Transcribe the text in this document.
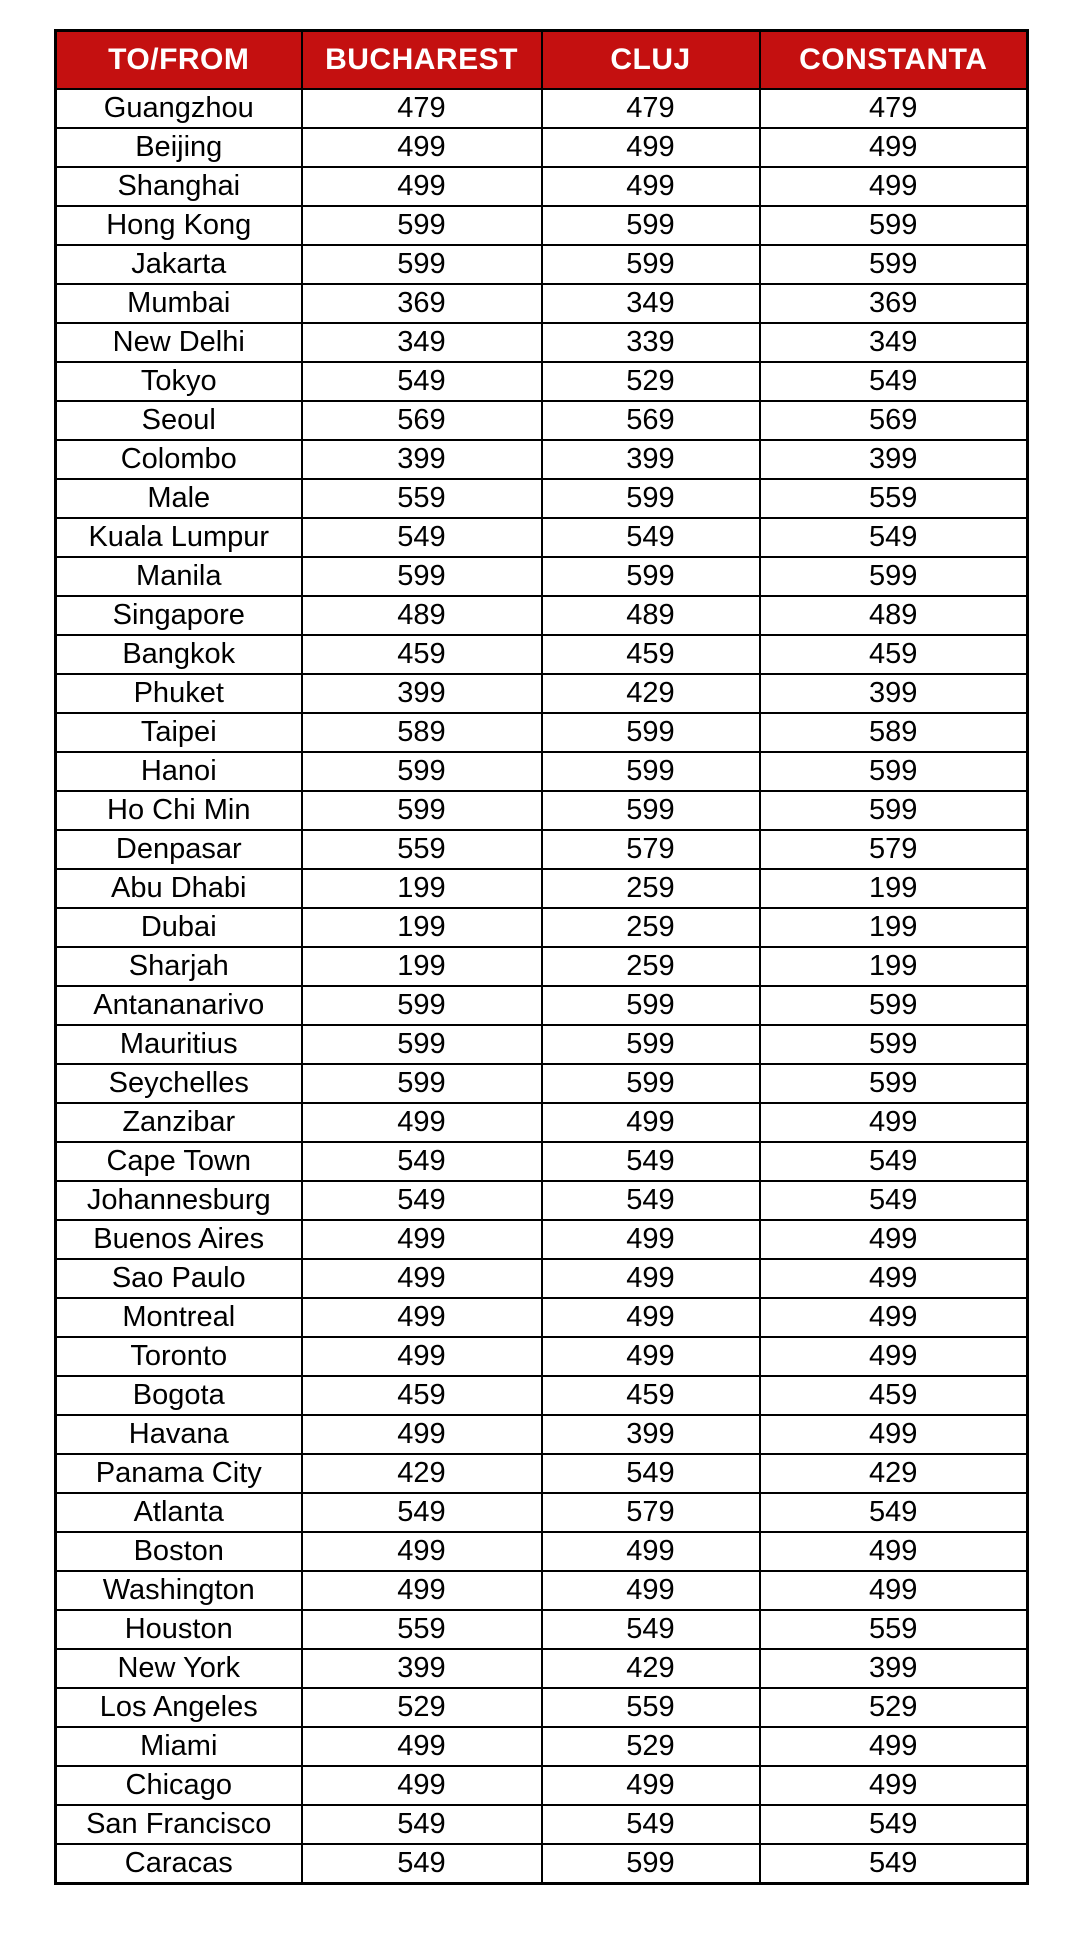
TO/FROM	BUCHAREST	CLUJ	CONSTANTA
Guangzhou	479	479	479
Beijing	499	499	499
Shanghai	499	499	499
Hong Kong	599	599	599
Jakarta	599	599	599
Mumbai	369	349	369
New Delhi	349	339	349
Tokyo	549	529	549
Seoul	569	569	569
Colombo	399	399	399
Male	559	599	559
Kuala Lumpur	549	549	549
Manila	599	599	599
Singapore	489	489	489
Bangkok	459	459	459
Phuket	399	429	399
Taipei	589	599	589
Hanoi	599	599	599
Ho Chi Min	599	599	599
Denpasar	559	579	579
Abu Dhabi	199	259	199
Dubai	199	259	199
Sharjah	199	259	199
Antananarivo	599	599	599
Mauritius	599	599	599
Seychelles	599	599	599
Zanzibar	499	499	499
Cape Town	549	549	549
Johannesburg	549	549	549
Buenos Aires	499	499	499
Sao Paulo	499	499	499
Montreal	499	499	499
Toronto	499	499	499
Bogota	459	459	459
Havana	499	399	499
Panama City	429	549	429
Atlanta	549	579	549
Boston	499	499	499
Washington	499	499	499
Houston	559	549	559
New York	399	429	399
Los Angeles	529	559	529
Miami	499	529	499
Chicago	499	499	499
San Francisco	549	549	549
Caracas	549	599	549
